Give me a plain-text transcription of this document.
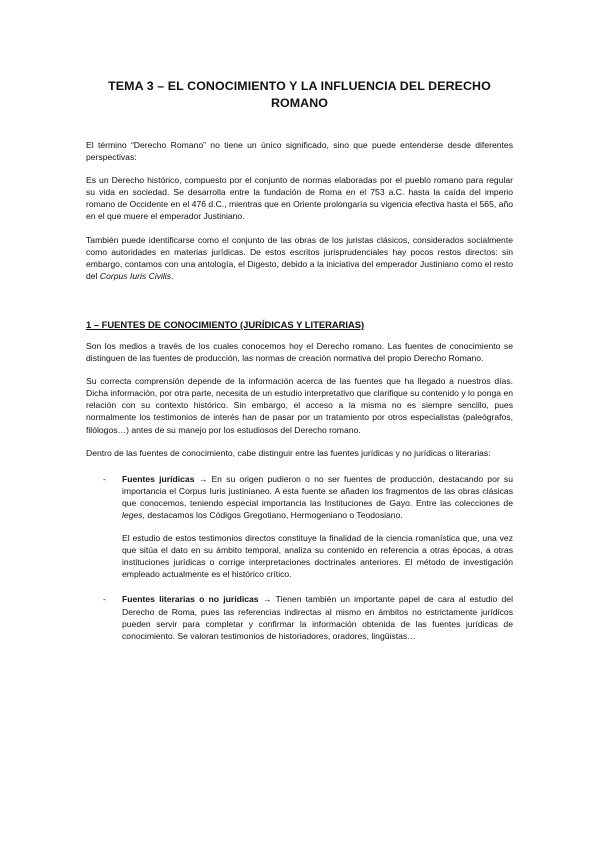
TEMA 3 – EL CONOCIMIENTO Y LA INFLUENCIA DEL DERECHO ROMANO

El término “Derecho Romano” no tiene un único significado, sino que puede entenderse desde diferentes perspectivas:

Es un Derecho histórico, compuesto por el conjunto de normas elaboradas por el pueblo romano para regular su vida en sociedad. Se desarrolla entre la fundación de Roma en el 753 a.C. hasta la caída del imperio romano de Occidente en el 476 d.C., mientras que en Oriente prolongaría su vigencia efectiva hasta el 565, año en el que muere el emperador Justiniano.

También puede identificarse como el conjunto de las obras de los juristas clásicos, considerados socialmente como autoridades en materias jurídicas. De estos escritos jurisprudenciales hay pocos restos directos: sin embargo, contamos con una antología, el Digesto, debido a la iniciativa del emperador Justiniano como el resto del Corpus Iuris Civilis.

1 – FUENTES DE CONOCIMIENTO (JURÍDICAS Y LITERARIAS)

Son los medios a través de los cuales conocemos hoy el Derecho romano. Las fuentes de conocimiento se distinguen de las fuentes de producción, las normas de creación normativa del propio Derecho Romano.

Su correcta comprensión depende de la información acerca de las fuentes que ha llegado a nuestros días. Dicha información, por otra parte, necesita de un estudio interpretativo que clarifique su contenido y lo ponga en relación con su contexto histórico. Sin embargo, el acceso a la misma no es siempre sencillo, pues normalmente los testimonios de interés han de pasar por un tratamiento por otros especialistas (paleógrafos, filólogos…) antes de su manejo por los estudiosos del Derecho romano.

Dentro de las fuentes de conocimiento, cabe distinguir entre las fuentes jurídicas y no jurídicas o literarias:

- Fuentes jurídicas → En su origen pudieron o no ser fuentes de producción, destacando por su importancia el Corpus Iuris justinianeo. A esta fuente se añaden los fragmentos de las obras clásicas que conocemos, teniendo especial importancia las Instituciones de Gayo. Entre las colecciones de leges, destacamos los Códigos Gregotiano, Hermogeniano o Teodosiano.

El estudio de estos testimonios directos constituye la finalidad de la ciencia romanística que, una vez que sitúa el dato en su ámbito temporal, analiza su contenido en referencia a otras épocas, a otras instituciones jurídicas o corrige interpretaciones doctrinales anteriores. El método de investigación empleado actualmente es el histórico crítico.

- Fuentes literarias o no jurídicas → Tienen también un importante papel de cara al estudio del Derecho de Roma, pues las referencias indirectas al mismo en ámbitos no estrictamente jurídicos pueden servir para completar y confirmar la información obtenida de las fuentes jurídicas de conocimiento. Se valoran testimonios de historiadores, oradores, lingüistas…
